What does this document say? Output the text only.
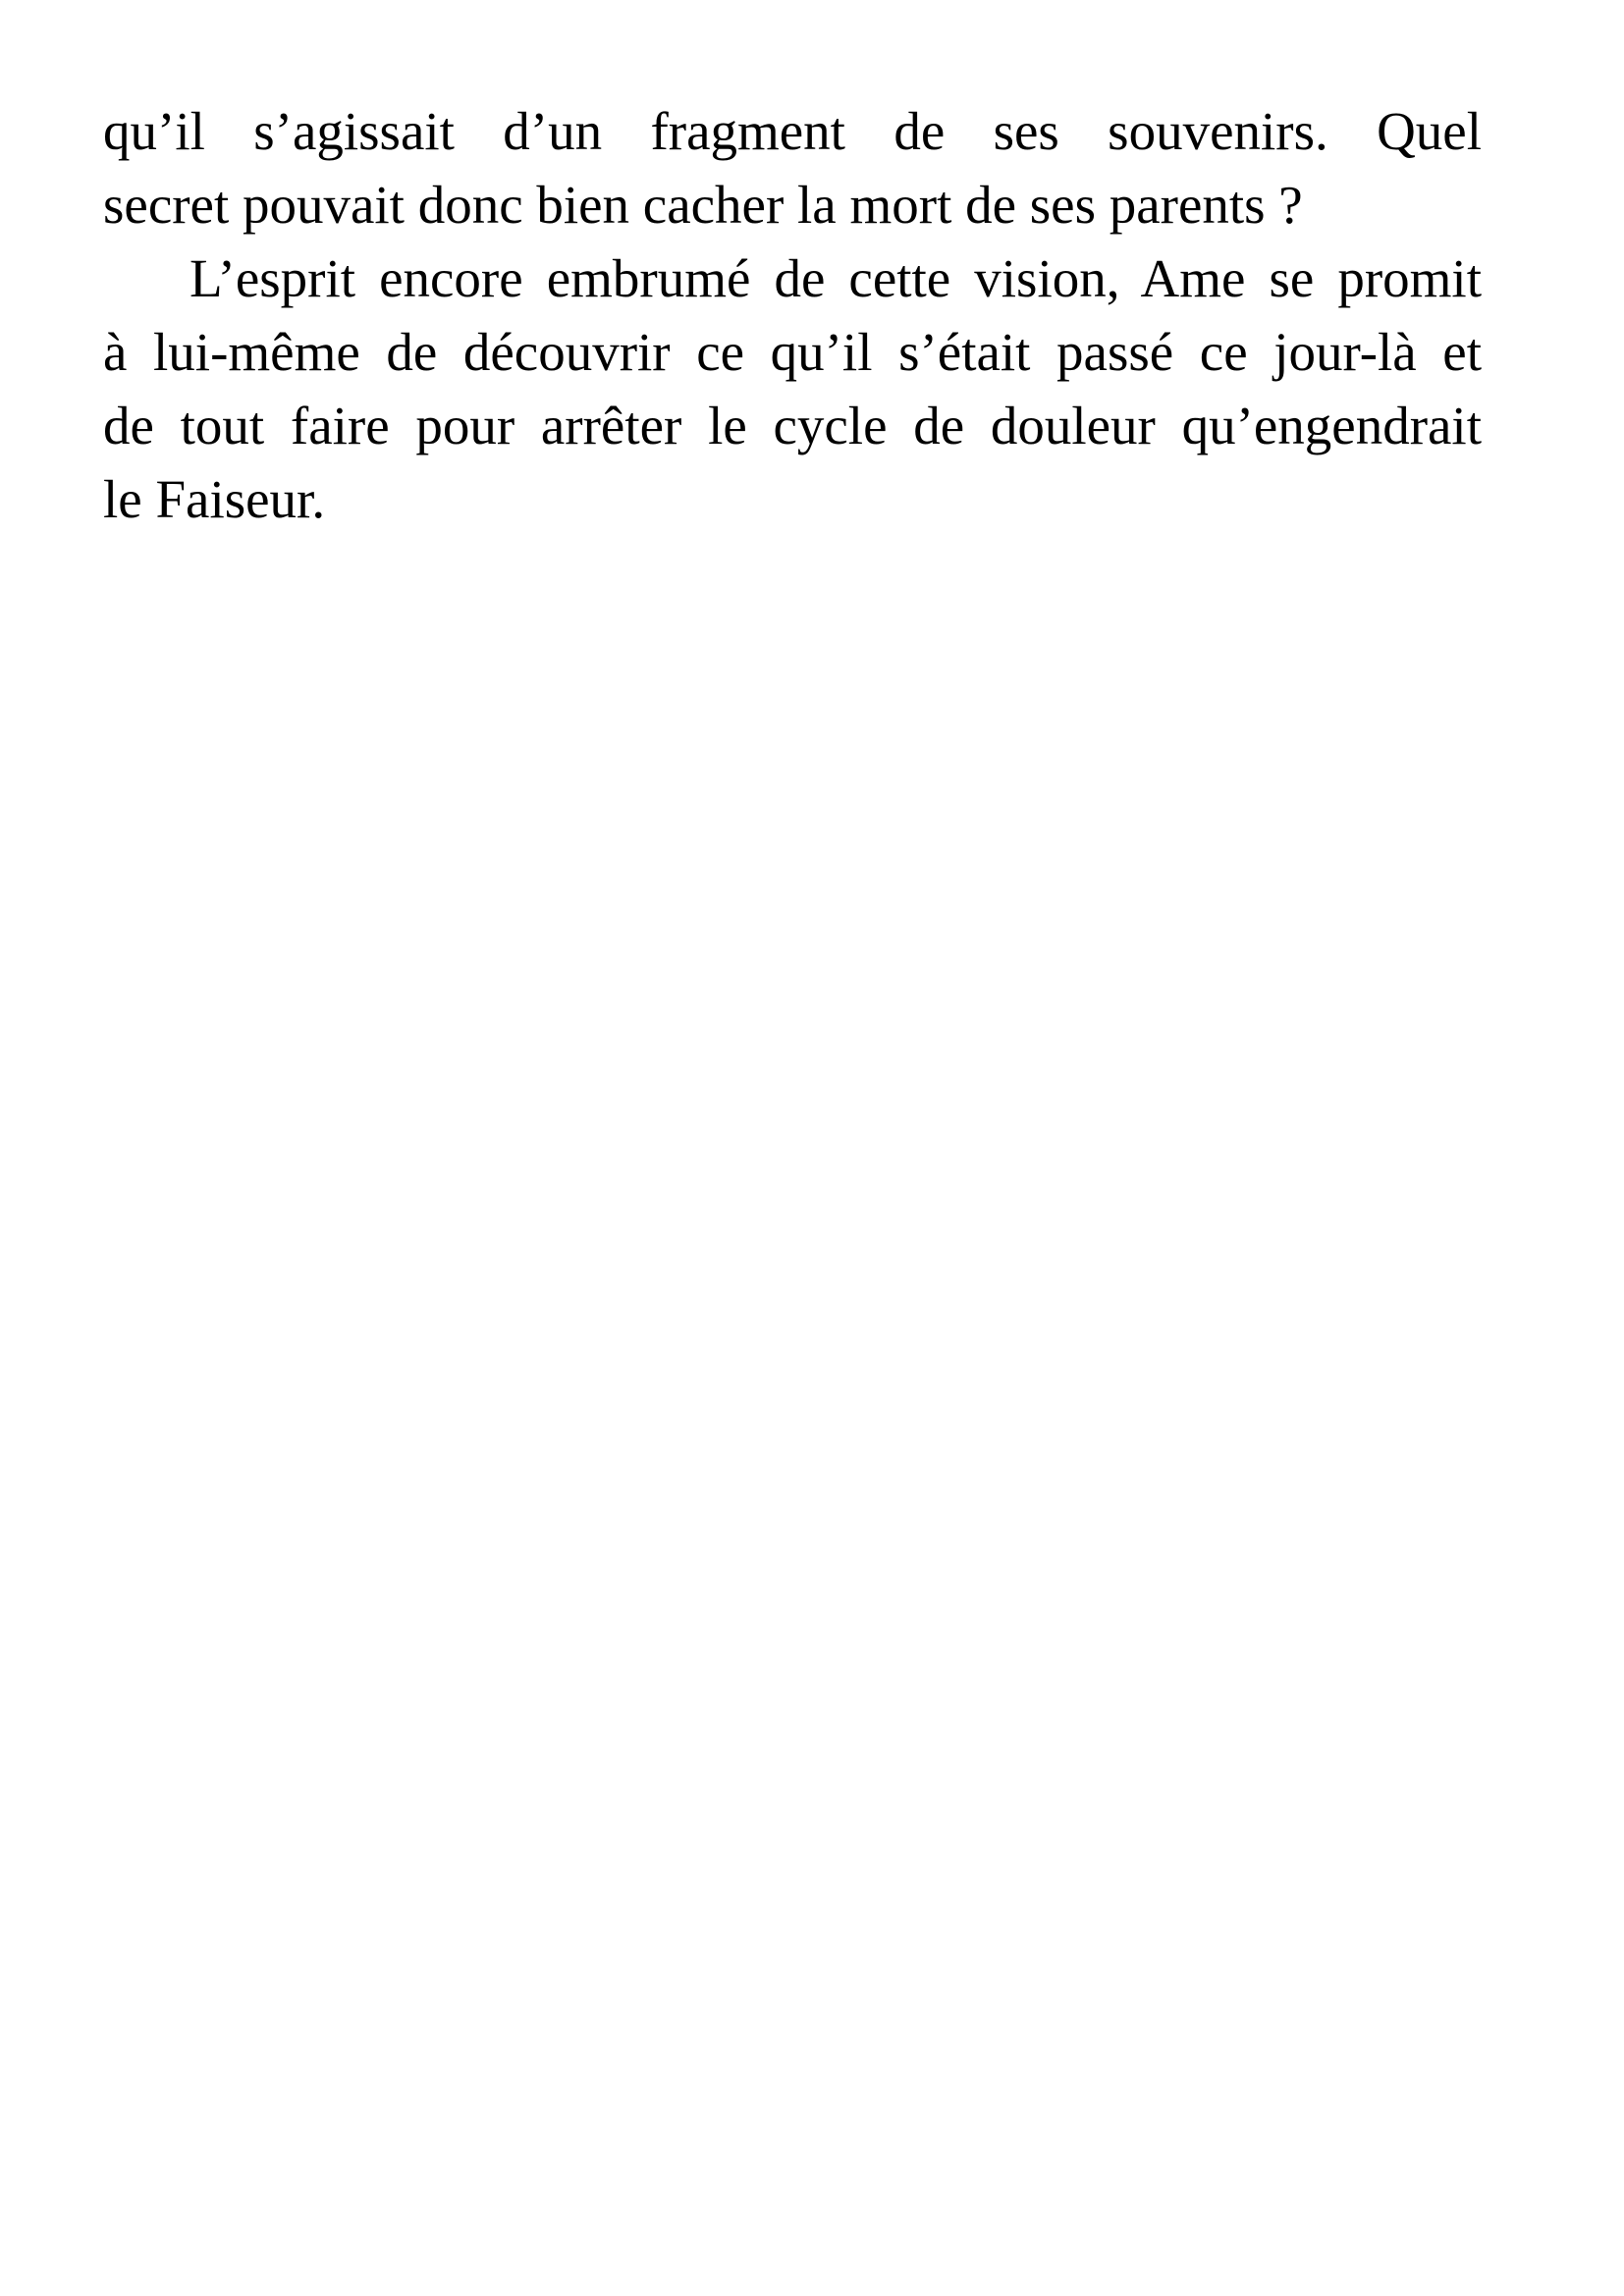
qu’il s’agissait d’un fragment de ses souvenirs. Quel
secret pouvait donc bien cacher la mort de ses parents ?
L’esprit encore embrumé de cette vision, Ame se promit
à lui-même de découvrir ce qu’il s’était passé ce jour-là et
de tout faire pour arrêter le cycle de douleur qu’engendrait
le Faiseur.
